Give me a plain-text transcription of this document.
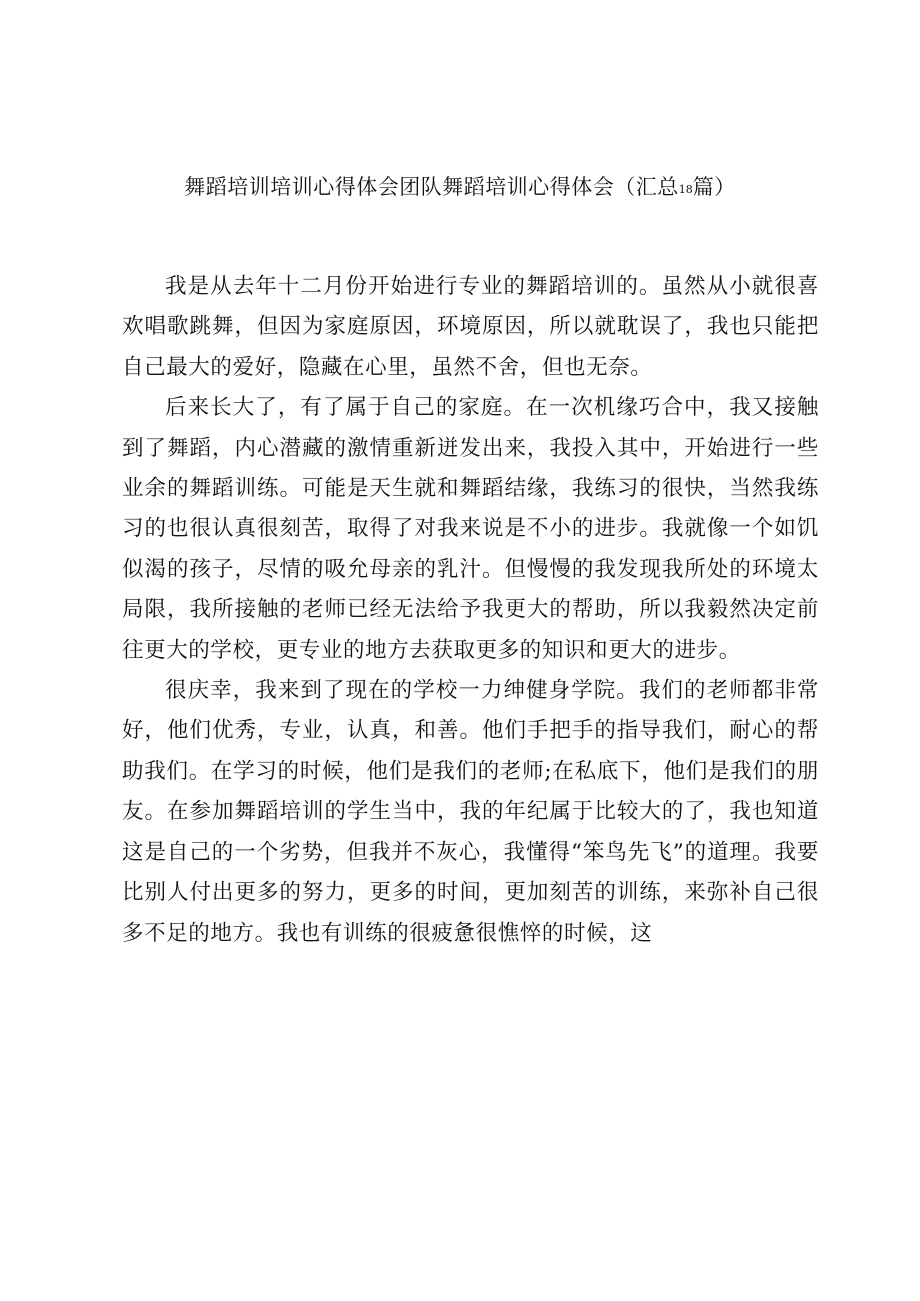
舞蹈培训培训心得体会团队舞蹈培训心得体会（汇总18篇）

我是从去年十二月份开始进行专业的舞蹈培训的。虽然从小就很喜欢唱歌跳舞，但因为家庭原因，环境原因，所以就耽误了，我也只能把自己最大的爱好，隐藏在心里，虽然不舍，但也无奈。

后来长大了，有了属于自己的家庭。在一次机缘巧合中，我又接触到了舞蹈，内心潜藏的激情重新迸发出来，我投入其中，开始进行一些业余的舞蹈训练。可能是天生就和舞蹈结缘，我练习的很快，当然我练习的也很认真很刻苦，取得了对我来说是不小的进步。我就像一个如饥似渴的孩子，尽情的吸允母亲的乳汁。但慢慢的我发现我所处的环境太局限，我所接触的老师已经无法给予我更大的帮助，所以我毅然决定前往更大的学校，更专业的地方去获取更多的知识和更大的进步。

很庆幸，我来到了现在的学校一力绅健身学院。我们的老师都非常好，他们优秀，专业，认真，和善。他们手把手的指导我们，耐心的帮助我们。在学习的时候，他们是我们的老师;在私底下，他们是我们的朋友。在参加舞蹈培训的学生当中，我的年纪属于比较大的了，我也知道这是自己的一个劣势，但我并不灰心，我懂得“笨鸟先飞”的道理。我要比别人付出更多的努力，更多的时间，更加刻苦的训练，来弥补自己很多不足的地方。我也有训练的很疲惫很憔悴的时候，这
